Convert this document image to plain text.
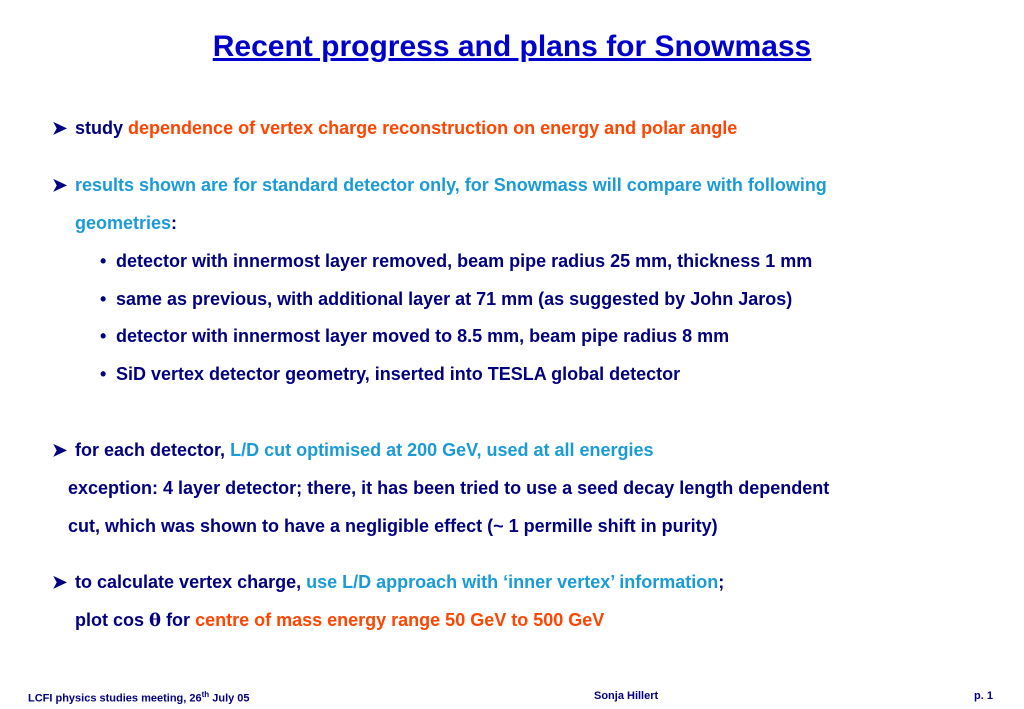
Recent progress and plans for Snowmass
➤ study dependence of vertex charge reconstruction on energy and polar angle
➤ results shown are for standard detector only, for Snowmass will compare with following
geometries:
• detector with innermost layer removed, beam pipe radius 25 mm, thickness 1 mm
• same as previous, with additional layer at 71 mm (as suggested by John Jaros)
• detector with innermost layer moved to 8.5 mm, beam pipe radius 8 mm
• SiD vertex detector geometry, inserted into TESLA global detector
➤ for each detector, L/D cut optimised at 200 GeV, used at all energies
exception: 4 layer detector; there, it has been tried to use a seed decay length dependent
cut, which was shown to have a negligible effect (~ 1 permille shift in purity)
➤ to calculate vertex charge, use L/D approach with ‘inner vertex’ information;
plot cos θ for centre of mass energy range 50 GeV to 500 GeV
LCFI physics studies meeting, 26th July 05	Sonja Hillert	p. 1
